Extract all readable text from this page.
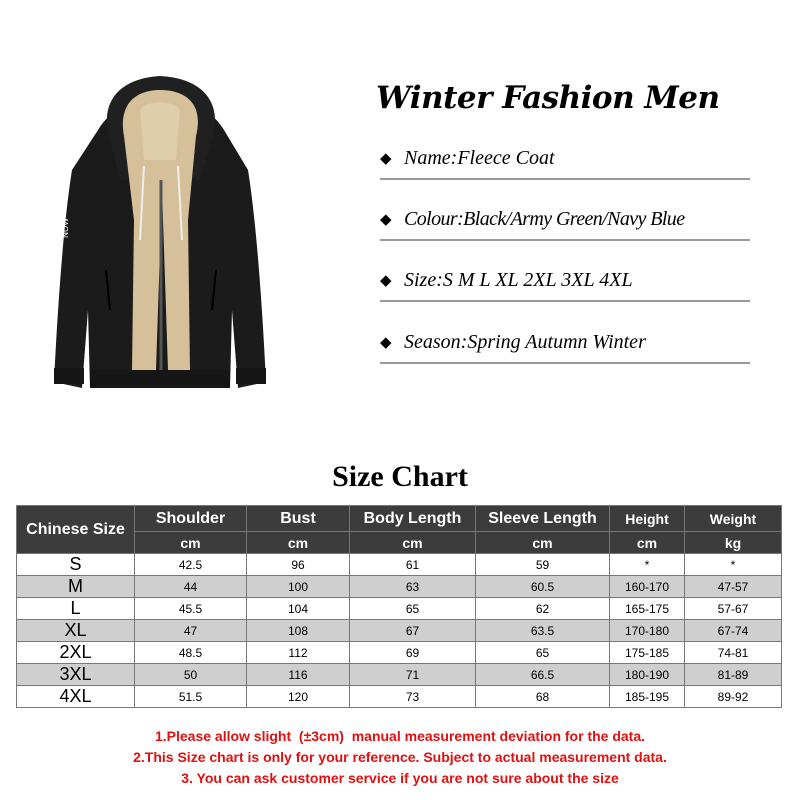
NOW
Winter Fashion Men
◆ Name:Fleece Coat
◆ Colour:Black/Army Green/Navy Blue
◆ Size:S M L XL 2XL 3XL 4XL
◆ Season:Spring Autumn Winter
Size Chart
Chinese Size	Shoulder	Bust	Body Length	Sleeve Length	Height	Weight
	cm	cm	cm	cm	cm	kg
S	42.5	96	61	59	*	*
M	44	100	63	60.5	160-170	47-57
L	45.5	104	65	62	165-175	57-67
XL	47	108	67	63.5	170-180	67-74
2XL	48.5	112	69	65	175-185	74-81
3XL	50	116	71	66.5	180-190	81-89
4XL	51.5	120	73	68	185-195	89-92
1.Please allow slight  (±3cm)  manual measurement deviation for the data.
2.This Size chart is only for your reference. Subject to actual measurement data.
3. You can ask customer service if you are not sure about the size
